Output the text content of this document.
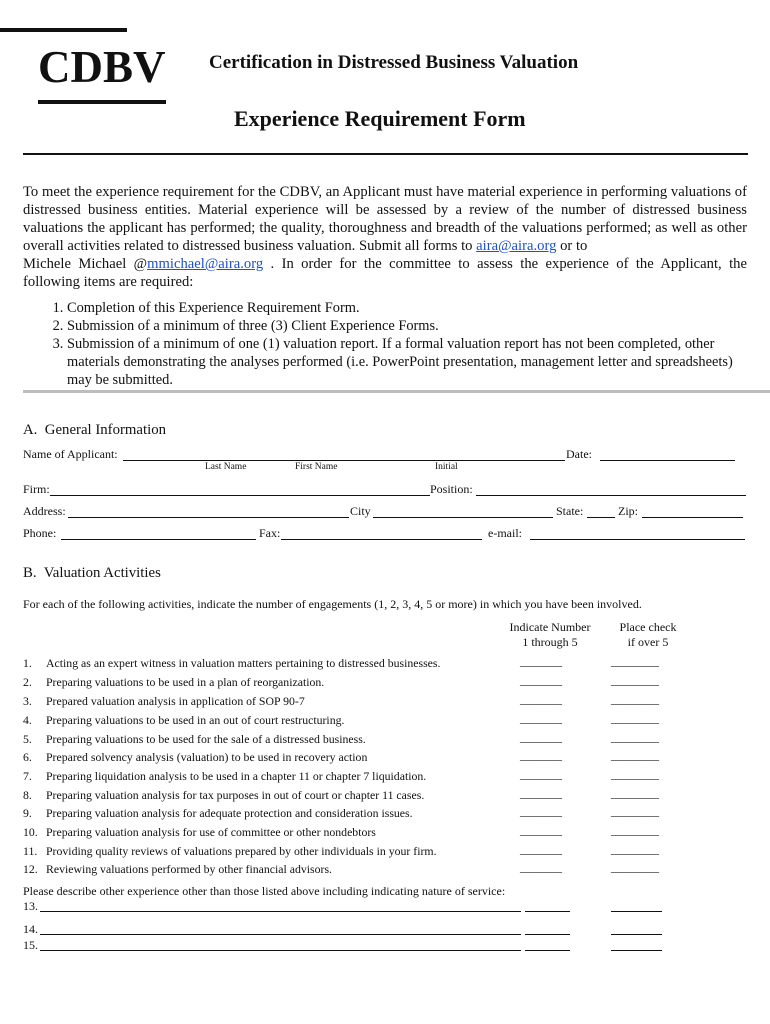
CDBV Certification in Distressed Business Valuation
Experience Requirement Form

To meet the experience requirement for the CDBV, an Applicant must have material experience in performing valuations of distressed business entities. Material experience will be assessed by a review of the number of distressed business valuations the applicant has performed; the quality, thoroughness and breadth of the valuations performed; as well as other overall activities related to distressed business valuation. Submit all forms to aira@aira.org or to
Michele Michael @mmichael@aira.org . In order for the committee to assess the experience of the Applicant, the following items are required:

1. Completion of this Experience Requirement Form.
2. Submission of a minimum of three (3) Client Experience Forms.
3. Submission of a minimum of one (1) valuation report. If a formal valuation report has not been completed, other materials demonstrating the analyses performed (i.e. PowerPoint presentation, management letter and spreadsheets) may be submitted.
A. General Information
Name of Applicant:	Date:
Last Name	First Name	Initial
Firm:	Position:
Address:	City	State:	Zip:
Phone:	Fax:	e-mail:
B. Valuation Activities
For each of the following activities, indicate the number of engagements (1, 2, 3, 4, 5 or more) in which you have been involved.
Indicate Number
1 through 5
Place check
if over 5
1. Acting as an expert witness in valuation matters pertaining to distressed businesses.	_______	________
2. Preparing valuations to be used in a plan of reorganization.	_______	________
3. Prepared valuation analysis in application of SOP 90-7	_______	________
4. Preparing valuations to be used in an out of court restructuring.	_______	________
5. Preparing valuations to be used for the sale of a distressed business.	_______	________
6. Prepared solvency analysis (valuation) to be used in recovery action	_______	________
7. Preparing liquidation analysis to be used in a chapter 11 or chapter 7 liquidation.	_______	________
8. Preparing valuation analysis for tax purposes in out of court or chapter 11 cases.	_______	________
9. Preparing valuation analysis for adequate protection and consideration issues.	_______	________
10. Preparing valuation analysis for use of committee or other nondebtors	_______	________
11. Providing quality reviews of valuations prepared by other individuals in your firm.	_______	________
12. Reviewing valuations performed by other financial advisors.	_______	________
Please describe other experience other than those listed above including indicating nature of service:
13.
14.
15.
